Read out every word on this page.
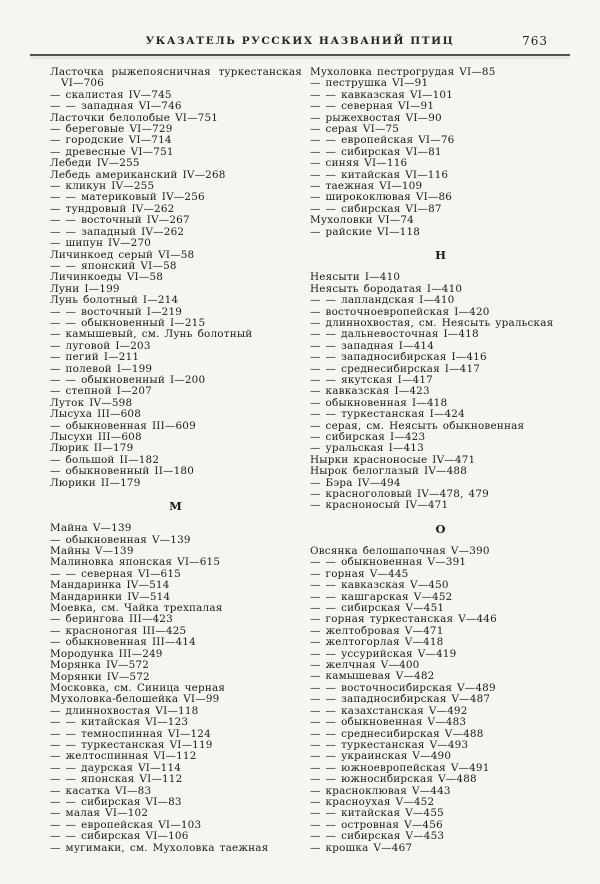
УКАЗАТЕЛЬ РУССКИХ НАЗВАНИЙ ПТИЦ	763
Ласточка рыжепоясничная туркестанская
VI—706
— скалистая IV—745
— — западная VI—746
Ласточки белолобые VI—751
— береговые VI—729
— городские VI—714
— древесные VI—751
Лебеди IV—255
Лебедь американский IV—268
— кликун IV—255
— — материковый IV—256
— тундровый IV—262
— — восточный IV—267
— — западный IV—262
— шипун IV—270
Личинкоед серый VI—58
— — японский VI—58
Личинкоеды VI—58
Луни I—199
Лунь болотный I—214
— — восточный I—219
— — обыкновенный I—215
— камышевый, см. Лунь болотный
— луговой I—203
— пегий I—211
— полевой I—199
— — обыкновенный I—200
— степной I—207
Луток IV—598
Лысуха III—608
— обыкновенная III—609
Лысухи III—608
Люрик II—179
— большой II—182
— обыкновенный II—180
Люрики II—179
М
Майна V—139
— обыкновенная V—139
Майны V—139
Малиновка японская VI—615
— — северная VI—615
Мандаринка IV—514
Мандаринки IV—514
Моевка, см. Чайка трехпалая
— берингова III—423
— красноногая III—425
— обыкновенная III—414
Мородунка III—249
Морянка IV—572
Морянки IV—572
Московка, см. Синица черная
Мухоловка-белошейка VI—99
— длиннохвостая VI—118
— — китайская VI—123
— — темноспинная VI—124
— — туркестанская VI—119
— желтоспинная VI—112
— — даурская VI—114
— — японская VI—112
— касатка VI—83
— — сибирская VI—83
— малая VI—102
— — европейская VI—103
— — сибирская VI—106
— мугимаки, см. Мухоловка таежная
Мухоловка пестрогрудая VI—85
— пеструшка VI—91
— — кавказская VI—101
— — северная VI—91
— рыжехвостая VI—90
— серая VI—75
— — европейская VI—76
— — сибирская VI—81
— синяя VI—116
— — китайская VI—116
— таежная VI—109
— ширококлювая VI—86
— — сибирская VI—87
Мухоловки VI—74
— райские VI—118
Н
Неясыти I—410
Неясыть бородатая I—410
— — лапландская I—410
— восточноевропейская I—420
— длиннохвостая, см. Неясыть уральская
— — дальневосточная I—418
— — западная I—414
— — западносибирская I—416
— — среднесибирская I—417
— — якутская I—417
— кавказская I—423
— обыкновенная I—418
— — туркестанская I—424
— серая, см. Неясыть обыкновенная
— сибирская I—423
— уральская I—413
Нырки красноносые IV—471
Нырок белоглазый IV—488
— Бэра IV—494
— красноголовый IV—478, 479
— красноносый IV—471
О
Овсянка белошапочная V—390
— — обыкновенная V—391
— горная V—445
— — кавказская V—450
— — кашгарская V—452
— — сибирская V—451
— горная туркестанская V—446
— желтобровая V—471
— желтогорлая V—418
— — уссурийская V—419
— желчная V—400
— камышевая V—482
— — восточносибирская V—489
— — западносибирская V—487
— — казахстанская V—492
— — обыкновенная V—483
— — среднесибирская V—488
— — туркестанская V—493
— — украинская V—490
— — южноевропейская V—491
— — южносибирская V—488
— красноклювая V—443
— красноухая V—452
— — китайская V—455
— — островная V—456
— — сибирская V—453
— крошка V—467
